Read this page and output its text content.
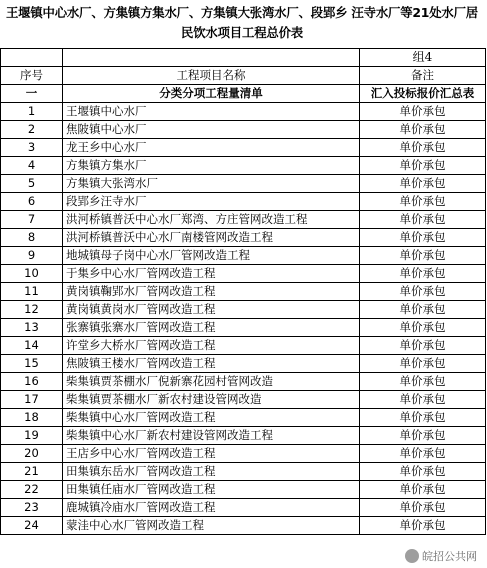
王堰镇中心水厂、方集镇方集水厂、方集镇大张湾水厂、段郢乡 汪寺水厂等21处水厂居民饮水项目工程总价表
		组4
序号	工程项目名称	备注
一	分类分项工程量清单	汇入投标报价汇总表
1	王堰镇中心水厂	单价承包
2	焦陂镇中心水厂	单价承包
3	龙王乡中心水厂	单价承包
4	方集镇方集水厂	单价承包
5	方集镇大张湾水厂	单价承包
6	段郢乡汪寺水厂	单价承包
7	洪河桥镇普沃中心水厂郑湾、方庄管网改造工程	单价承包
8	洪河桥镇普沃中心水厂南楼管网改造工程	单价承包
9	地城镇母子岗中心水厂管网改造工程	单价承包
10	于集乡中心水厂管网改造工程	单价承包
11	黄岗镇鞠郢水厂管网改造工程	单价承包
12	黄岗镇黄岗水厂管网改造工程	单价承包
13	张寨镇张寨水厂管网改造工程	单价承包
14	许堂乡大桥水厂管网改造工程	单价承包
15	焦陂镇王楼水厂管网改造工程	单价承包
16	柴集镇贾茶棚水厂倪新寨花园村管网改造	单价承包
17	柴集镇贾茶棚水厂新农村建设管网改造	单价承包
18	柴集镇中心水厂管网改造工程	单价承包
19	柴集镇中心水厂新农村建设管网改造工程	单价承包
20	王店乡中心水厂管网改造工程	单价承包
21	田集镇东岳水厂管网改造工程	单价承包
22	田集镇任庙水厂管网改造工程	单价承包
23	鹿城镇冷庙水厂管网改造工程	单价承包
24	蒙洼中心水厂管网改造工程	单价承包
皖招公共网
